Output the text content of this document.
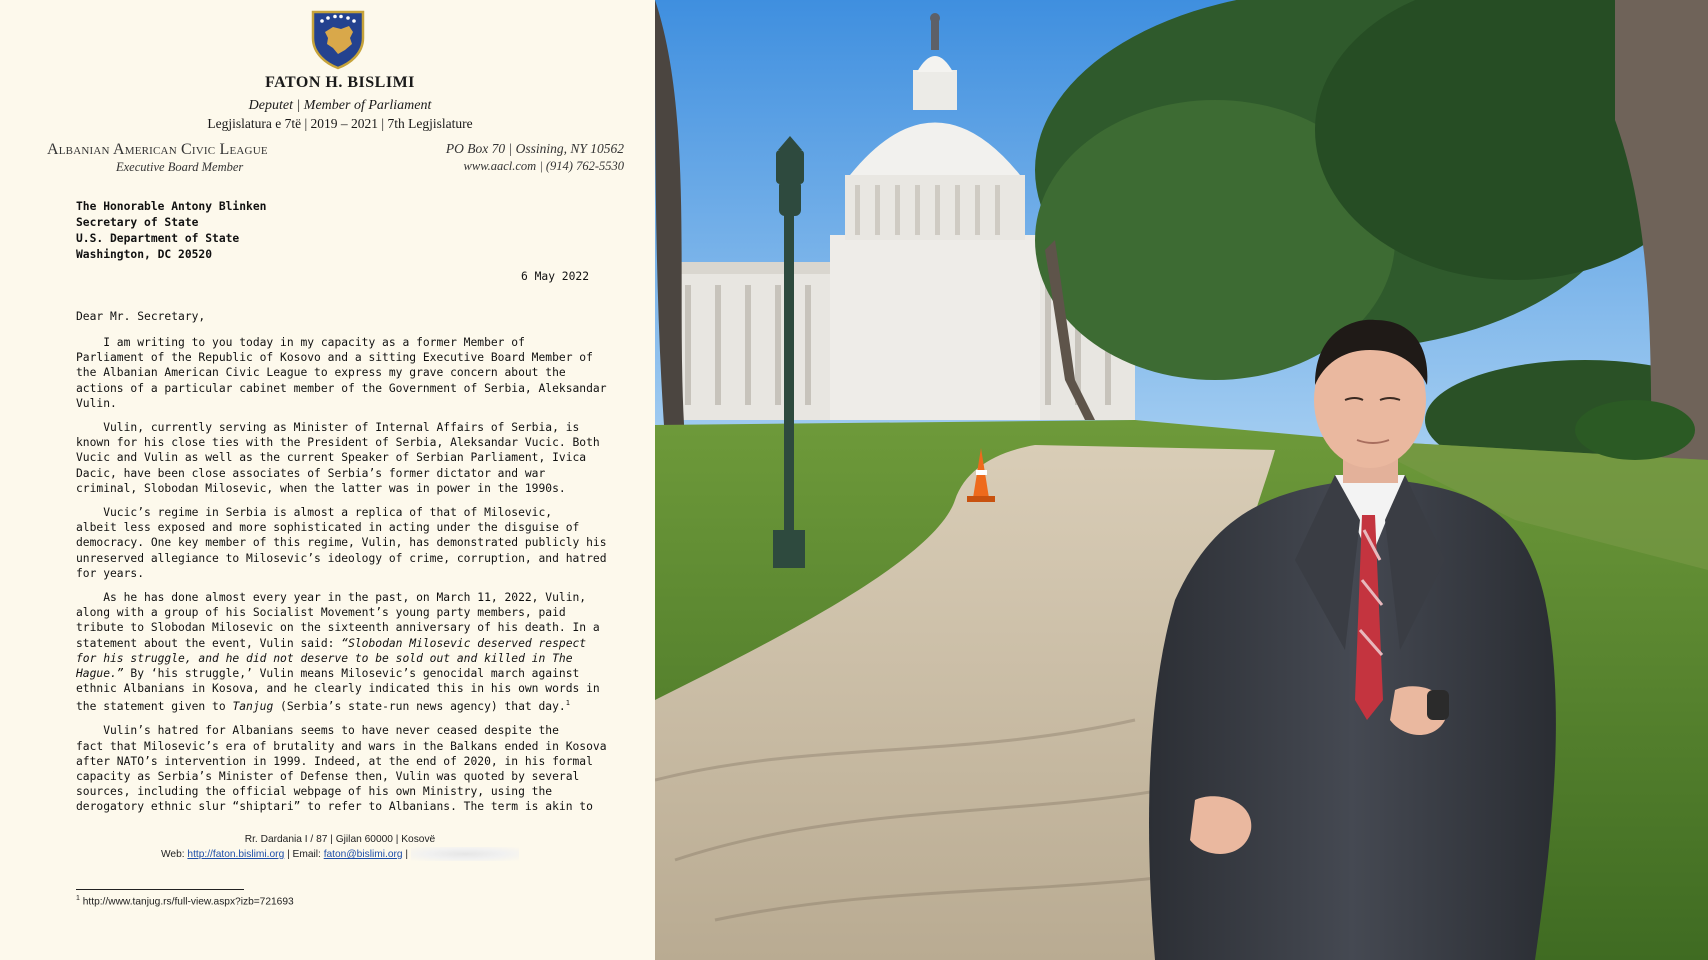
FATON H. BISLIMI
Deputet | Member of Parliament
Legjislatura e 7të | 2019 – 2021 | 7th Legjislature
Albanian American Civic League
Executive Board Member
PO Box 70 | Ossining, NY 10562
www.aacl.com | (914) 762-5530
The Honorable Antony Blinken
Secretary of State
U.S. Department of State
Washington, DC 20520
6 May 2022
Dear Mr. Secretary,
I am writing to you today in my capacity as a former Member of
Parliament of the Republic of Kosovo and a sitting Executive Board Member of
the Albanian American Civic League to express my grave concern about the
actions of a particular cabinet member of the Government of Serbia, Aleksandar
Vulin.
Vulin, currently serving as Minister of Internal Affairs of Serbia, is
known for his close ties with the President of Serbia, Aleksandar Vucic. Both
Vucic and Vulin as well as the current Speaker of Serbian Parliament, Ivica
Dacic, have been close associates of Serbia’s former dictator and war
criminal, Slobodan Milosevic, when the latter was in power in the 1990s.
Vucic’s regime in Serbia is almost a replica of that of Milosevic,
albeit less exposed and more sophisticated in acting under the disguise of
democracy. One key member of this regime, Vulin, has demonstrated publicly his
unreserved allegiance to Milosevic’s ideology of crime, corruption, and hatred
for years.
As he has done almost every year in the past, on March 11, 2022, Vulin,
along with a group of his Socialist Movement’s young party members, paid
tribute to Slobodan Milosevic on the sixteenth anniversary of his death. In a
statement about the event, Vulin said: “Slobodan Milosevic deserved respect
for his struggle, and he did not deserve to be sold out and killed in The
Hague.” By ‘his struggle,’ Vulin means Milosevic’s genocidal march against
ethnic Albanians in Kosova, and he clearly indicated this in his own words in
the statement given to Tanjug (Serbia’s state-run news agency) that day.$^1$
Vulin’s hatred for Albanians seems to have never ceased despite the
fact that Milosevic’s era of brutality and wars in the Balkans ended in Kosova
after NATO’s intervention in 1999. Indeed, at the end of 2020, in his formal
capacity as Serbia’s Minister of Defense then, Vulin was quoted by several
sources, including the official webpage of his own Ministry, using the
derogatory ethnic slur “shiptari” to refer to Albanians. The term is akin to
Rr. Dardania I / 87 | Gjilan 60000 | Kosovë
Web: http://faton.bislimi.org | Email: faton@bislimi.org |
$^1$ http://www.tanjug.rs/full-view.aspx?izb=721693
